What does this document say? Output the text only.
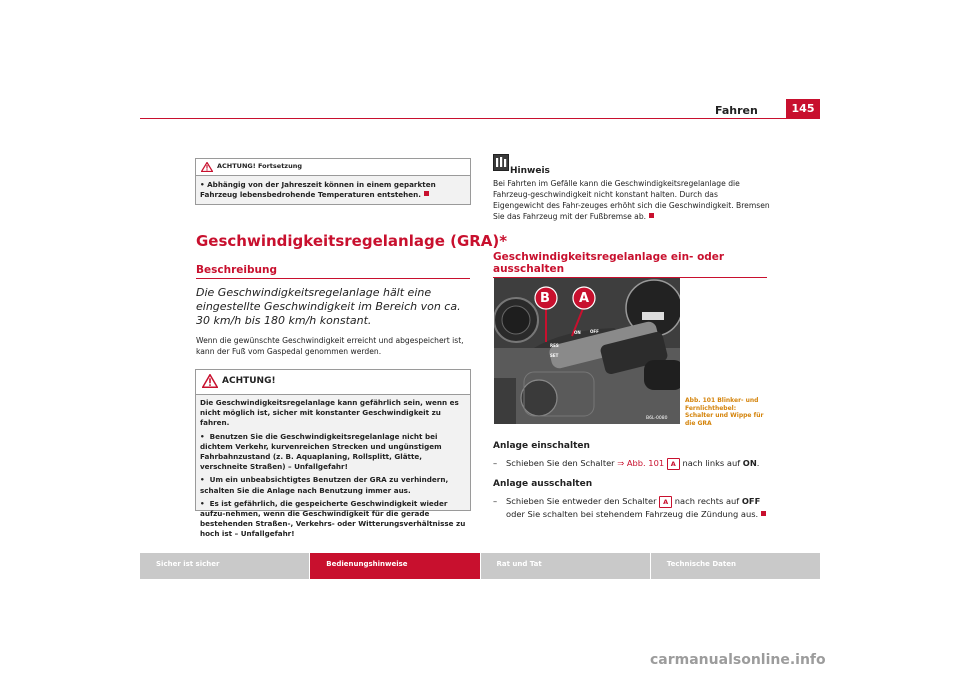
Fahren	145
ACHTUNG! Fortsetzung

• Abhängig von der Jahreszeit können in einem geparkten Fahrzeug lebensbedrohende Temperaturen entstehen.

Geschwindigkeitsregelanlage (GRA)*
Beschreibung
Die Geschwindigkeitsregelanlage hält eine eingestellte Geschwindigkeit im Bereich von ca. 30 km/h bis 180 km/h konstant.
Wenn die gewünschte Geschwindigkeit erreicht und abgespeichert ist, kann der Fuß vom Gaspedal genommen werden.
ACHTUNG!

Die Geschwindigkeitsregelanlage kann gefährlich sein, wenn es nicht möglich ist, sicher mit konstanter Geschwindigkeit zu fahren.

•  Benutzen Sie die Geschwindigkeitsregelanlage nicht bei dichtem Verkehr, kurvenreichen Strecken und ungünstigem Fahrbahnzustand (z. B. Aquaplaning, Rollsplitt, Glätte, verschneite Straßen) – Unfallgefahr!

•  Um ein unbeabsichtigtes Benutzen der GRA zu verhindern, schalten Sie die Anlage nach Benutzung immer aus.

•  Es ist gefährlich, die gespeicherte Geschwindigkeit wieder aufzu-nehmen, wenn die Geschwindigkeit für die gerade bestehenden Straßen-, Verkehrs- oder Witterungsverhältnisse zu hoch ist – Unfallgefahr!

Hinweis
Bei Fahrten im Gefälle kann die Geschwindigkeitsregelanlage die Fahrzeug-geschwindigkeit nicht konstant halten. Durch das Eigengewicht des Fahr-zeuges erhöht sich die Geschwindigkeit. Bremsen Sie das Fahrzeug mit der Fußbremse ab.
Geschwindigkeitsregelanlage ein- oder ausschalten
B A
ON OFF
RES
SET
B6L-0080
Abb. 101 Blinker- und Fernlichthebel: Schalter und Wippe für die GRA
Anlage einschalten
– Schieben Sie den Schalter ⇒ Abb. 101 A nach links auf ON.
Anlage ausschalten
– Schieben Sie entweder den Schalter A nach rechts auf OFF oder Sie schalten bei stehendem Fahrzeug die Zündung aus.
Sicher ist sicher	Bedienungshinweise	Rat und Tat	Technische Daten
carmanualsonline.info
